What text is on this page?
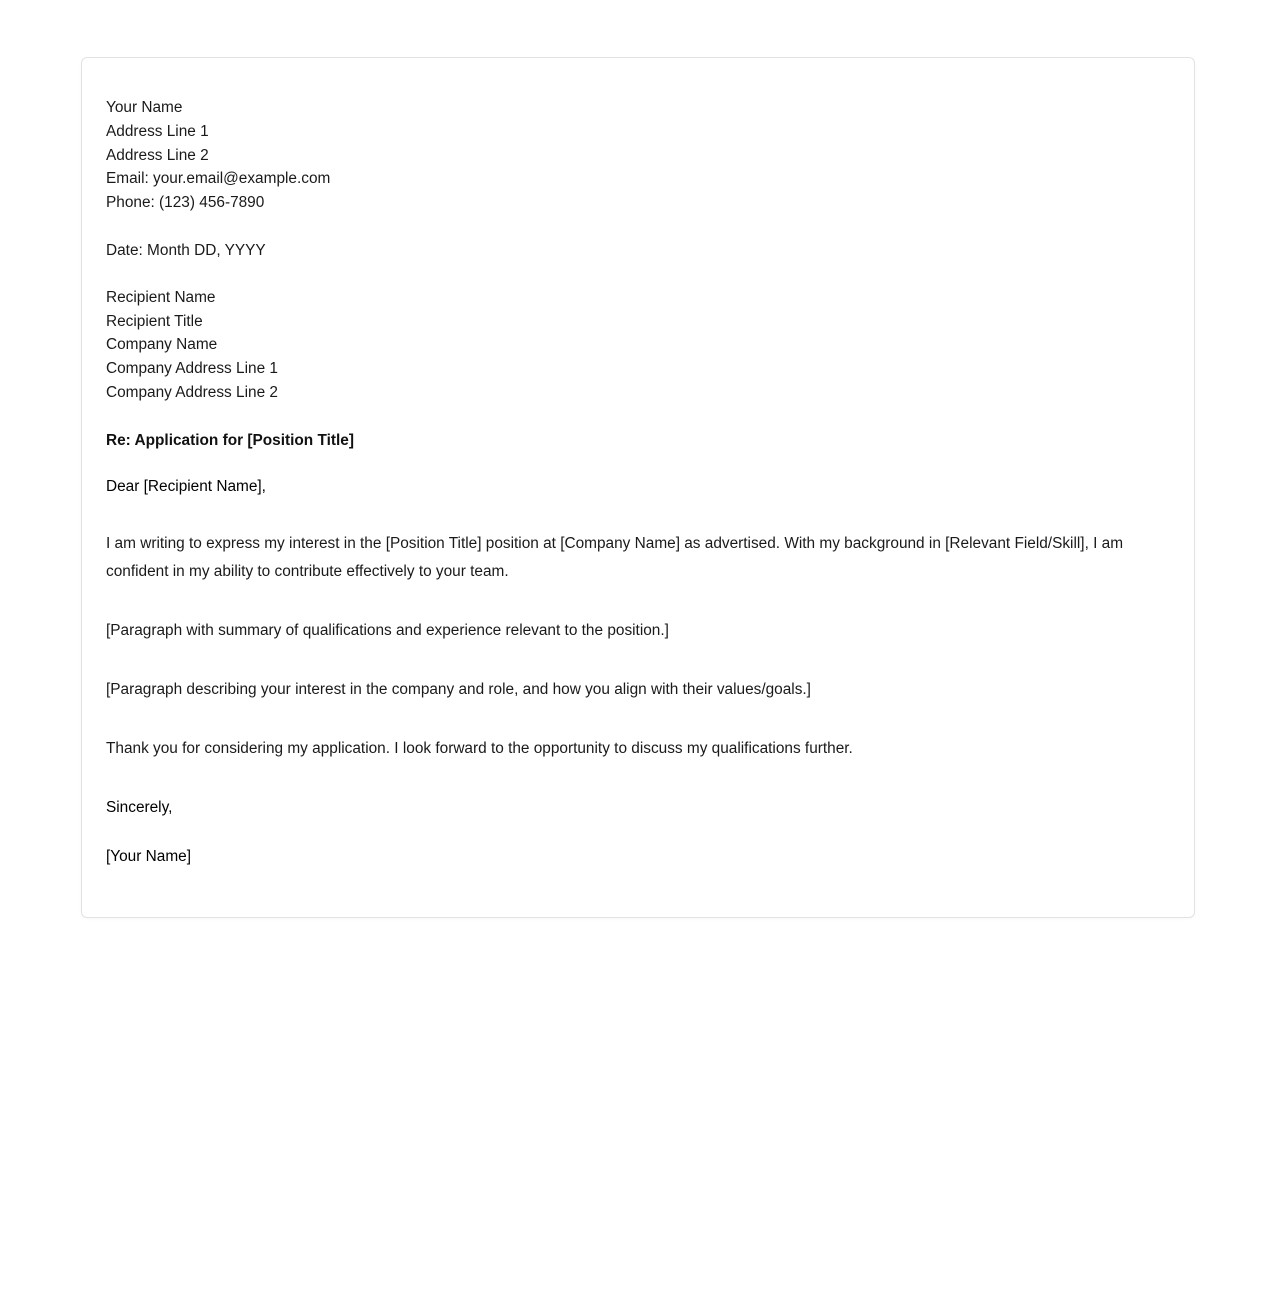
Your Name
Address Line 1
Address Line 2
Email: your.email@example.com
Phone: (123) 456-7890
Date: Month DD, YYYY
Recipient Name
Recipient Title
Company Name
Company Address Line 1
Company Address Line 2
Re: Application for [Position Title]
Dear [Recipient Name],
I am writing to express my interest in the [Position Title] position at [Company Name] as advertised. With my background in [Relevant Field/Skill], I am confident in my ability to contribute effectively to your team.
[Paragraph with summary of qualifications and experience relevant to the position.]
[Paragraph describing your interest in the company and role, and how you align with their values/goals.]
Thank you for considering my application. I look forward to the opportunity to discuss my qualifications further.
Sincerely,
[Your Name]
